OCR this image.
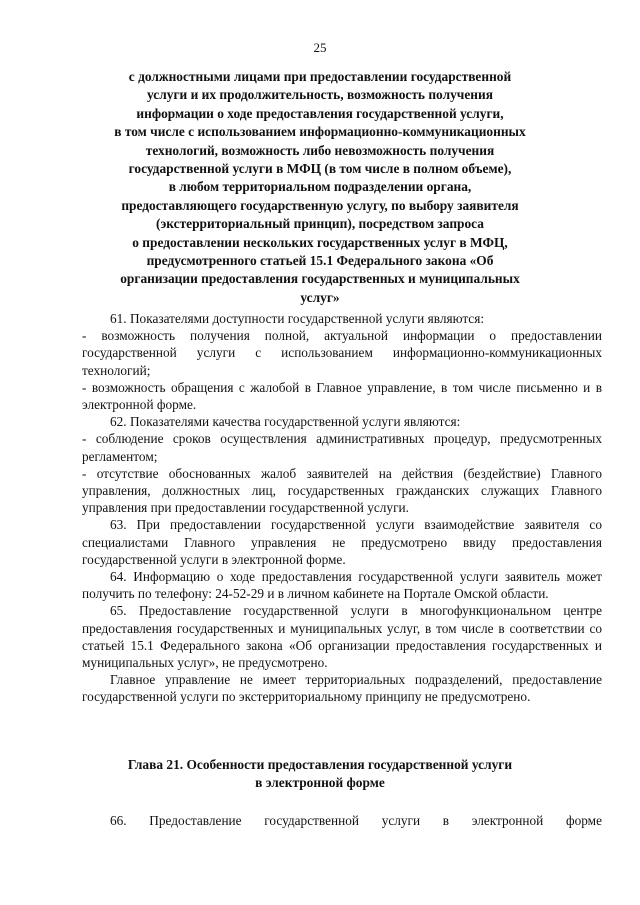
25
с должностными лицами при предоставлении государственной
услуги и их продолжительность, возможность получения
информации о ходе предоставления государственной услуги,
в том числе с использованием информационно-коммуникационных
технологий, возможность либо невозможность получения
государственной услуги в МФЦ (в том числе в полном объеме),
в любом территориальном подразделении органа,
предоставляющего государственную услугу, по выбору заявителя
(экстерриториальный принцип), посредством запроса
о предоставлении нескольких государственных услуг в МФЦ,
предусмотренного статьей 15.1 Федерального закона «Об
организации предоставления государственных и муниципальных
услуг»

61. Показателями доступности государственной услуги являются:

- возможность получения полной, актуальной информации о предоставлении государственной услуги с использованием информационно-коммуникационных технологий;

- возможность обращения с жалобой в Главное управление, в том числе письменно и в электронной форме.

62. Показателями качества государственной услуги являются:

- соблюдение сроков осуществления административных процедур, предусмотренных регламентом;

- отсутствие обоснованных жалоб заявителей на действия (бездействие) Главного управления, должностных лиц, государственных гражданских служащих Главного управления при предоставлении государственной услуги.

63. При предоставлении государственной услуги взаимодействие заявителя со специалистами Главного управления не предусмотрено ввиду предоставления государственной услуги в электронной форме.

64. Информацию о ходе предоставления государственной услуги заявитель может получить по телефону: 24-52-29 и в личном кабинете на Портале Омской области.

65. Предоставление государственной услуги в многофункциональном центре предоставления государственных и муниципальных услуг, в том числе в соответствии со статьей 15.1 Федерального закона «Об организации предоставления государственных и муниципальных услуг», не предусмотрено.

Главное управление не имеет территориальных подразделений, предоставление государственной услуги по экстерриториальному принципу не предусмотрено.

Глава 21. Особенности предоставления государственной услуги
в электронной форме

66. Предоставление государственной услуги в электронной форме
